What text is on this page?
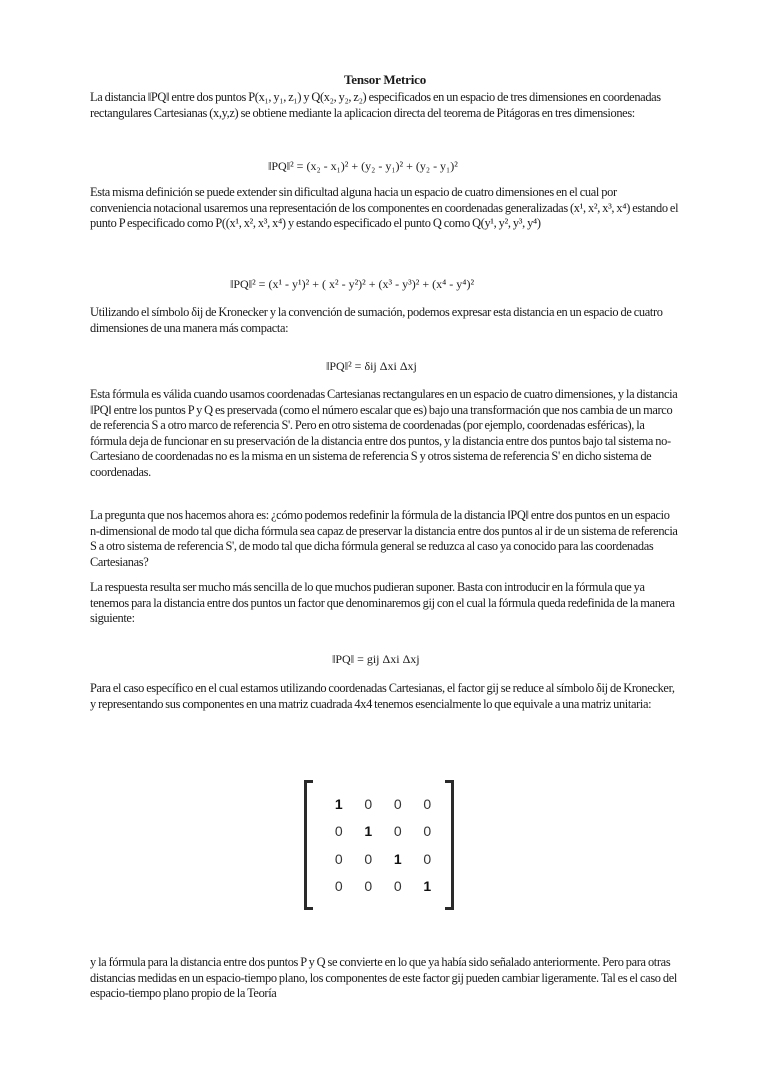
Tensor Metrico

La distancia ‖PQ‖ entre dos puntos P(x₁, y₁, z₁) y Q(x₂, y₂, z₂) especificados en un espacio de tres dimensiones en coordenadas rectangulares Cartesianas (x,y,z) se obtiene mediante la aplicacion directa del teorema de Pitágoras en tres dimensiones:

‖PQ‖² = (x₂ - x₁)² + (y₂ - y₁)² + (y₂ - y₁)²

Esta misma definición se puede extender sin dificultad alguna hacia un espacio de cuatro dimensiones en el cual por conveniencia notacional usaremos una representación de los componentes en coordenadas generalizadas (x¹, x², x³, x⁴) estando el punto P especificado como P((x¹, x², x³, x⁴) y estando especificado el punto Q como Q(y¹, y², y³, y⁴)

‖PQ‖² = (x¹ - y¹)² + ( x² - y²)² + (x³ - y³)² + (x⁴ - y⁴)²

Utilizando el símbolo δij de Kronecker y la convención de sumación, podemos expresar esta distancia en un espacio de cuatro dimensiones de una manera más compacta:

‖PQ‖² = δij Δxi Δxj

Esta fórmula es válida cuando usamos coordenadas Cartesianas rectangulares en un espacio de cuatro dimensiones, y la distancia ‖PQ‖ entre los puntos P y Q es preservada (como el número escalar que es) bajo una transformación que nos cambia de un marco de referencia S a otro marco de referencia S'. Pero en otro sistema de coordenadas (por ejemplo, coordenadas esféricas), la fórmula deja de funcionar en su preservación de la distancia entre dos puntos, y la distancia entre dos puntos bajo tal sistema no-Cartesiano de coordenadas no es la misma en un sistema de referencia S y otros sistema de referencia S' en dicho sistema de coordenadas.

La pregunta que nos hacemos ahora es: ¿cómo podemos redefinir la fórmula de la distancia ‖PQ‖ entre dos puntos en un espacio n-dimensional de modo tal que dicha fórmula sea capaz de preservar la distancia entre dos puntos al ir de un sistema de referencia S a otro sistema de referencia S', de modo tal que dicha fórmula general se reduzca al caso ya conocido para las coordenadas Cartesianas?

La respuesta resulta ser mucho más sencilla de lo que muchos pudieran suponer. Basta con introducir en la fórmula que ya tenemos para la distancia entre dos puntos un factor que denominaremos gij con el cual la fórmula queda redefinida de la manera siguiente:

‖PQ‖ = gij Δxi Δxj

Para el caso específico en el cual estamos utilizando coordenadas Cartesianas, el factor gij se reduce al símbolo δij de Kronecker, y representando sus componentes en una matriz cuadrada 4x4 tenemos esencialmente lo que equivale a una matriz unitaria:

y la fórmula para la distancia entre dos puntos P y Q se convierte en lo que ya había sido señalado anteriormente. Pero para otras distancias medidas en un espacio-tiempo plano, los componentes de este factor gij pueden cambiar ligeramente. Tal es el caso del espacio-tiempo plano propio de la Teoría

1	0	0	0
0	1	0	0
0	0	1	0
0	0	0	1
